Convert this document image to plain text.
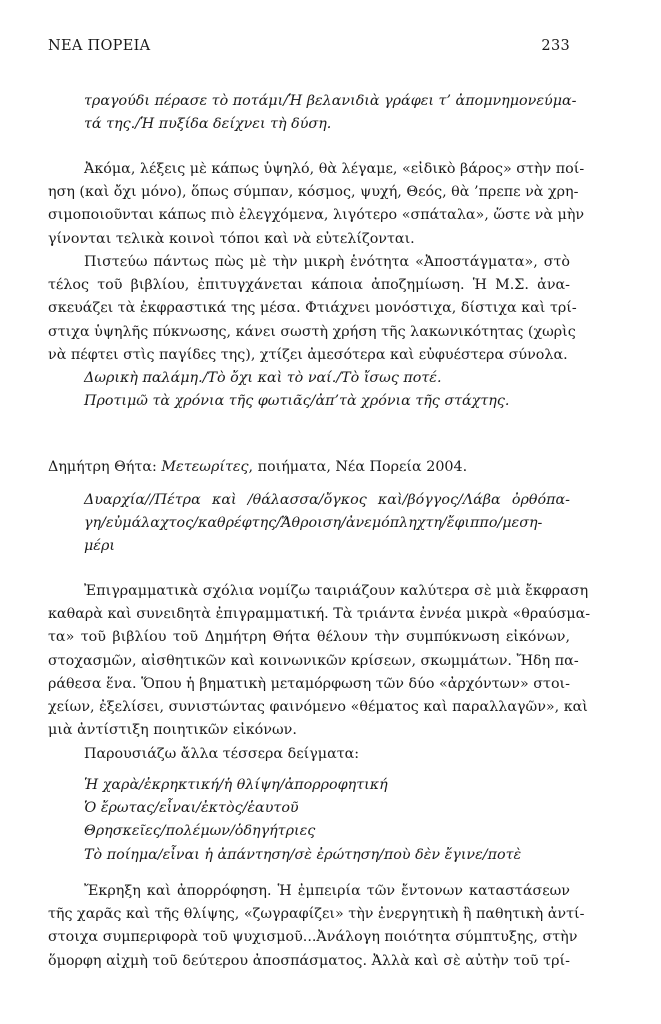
ΝΕΑ ΠΟΡΕΙΑ	233
τραγούδι πέρασε τὸ ποτάμι/Ἡ βελανιδιὰ γράφει τ’ ἀπομνημονεύμα-
τά της./Ἡ πυξίδα δείχνει τὴ δύση.
Ἀκόμα, λέξεις μὲ κάπως ὑψηλό, θὰ λέγαμε, «εἰδικὸ βάρος» στὴν ποί-
ηση (καὶ ὄχι μόνο), ὅπως σύμπαν, κόσμος, ψυχή, Θεός, θὰ ’πρεπε νὰ χρη-
σιμοποιοῦνται κάπως πιὸ ἐλεγχόμενα, λιγότερο «σπάταλα», ὥστε νὰ μὴν
γίνονται τελικὰ κοινοὶ τόποι καὶ νὰ εὐτελίζονται.
Πιστεύω πάντως πὼς μὲ τὴν μικρὴ ἑνότητα «Ἀποστάγματα», στὸ
τέλος τοῦ βιβλίου, ἐπιτυγχάνεται κάποια ἀποζημίωση. Ἡ Μ.Σ. ἀνα-
σκευάζει τὰ ἐκφραστικά της μέσα. Φτιάχνει μονόστιχα, δίστιχα καὶ τρί-
στιχα ὑψηλῆς πύκνωσης, κάνει σωστὴ χρήση τῆς λακωνικότητας (χωρὶς
νὰ πέφτει στὶς παγίδες της), χτίζει ἀμεσότερα καὶ εὐφυέστερα σύνολα.
Δωρικὴ παλάμη./Τὸ ὄχι καὶ τὸ ναί./Τὸ ἴσως ποτέ.
Προτιμῶ τὰ χρόνια τῆς φωτιᾶς/ἀπ’τὰ χρόνια τῆς στάχτης.
Δημήτρη Θήτα: Μετεωρίτες, ποιήματα, Νέα Πορεία 2004.
Δυαρχία//Πέτρα καὶ /θάλασσα/ὄγκος καὶ/βόγγος/Λάβα ὀρθόπα-
γη/εὐμάλαχτος/καθρέφτης/Ἄθροιση/ἀνεμόπληχτη/ἔφιππο/μεση-
μέρι
Ἐπιγραμματικὰ σχόλια νομίζω ταιριάζουν καλύτερα σὲ μιὰ ἔκφραση
καθαρὰ καὶ συνειδητὰ ἐπιγραμματική. Τὰ τριάντα ἐννέα μικρὰ «θραύσμα-
τα» τοῦ βιβλίου τοῦ Δημήτρη Θήτα θέλουν τὴν συμπύκνωση εἰκόνων,
στοχασμῶν, αἰσθητικῶν καὶ κοινωνικῶν κρίσεων, σκωμμάτων. Ἤδη πα-
ράθεσα ἕνα. Ὅπου ἡ βηματικὴ μεταμόρφωση τῶν δύο «ἀρχόντων» στοι-
χείων, ἐξελίσει, συνιστώντας φαινόμενο «θέματος καὶ παραλλαγῶν», καὶ
μιὰ ἀντίστιξη ποιητικῶν εἰκόνων.
Παρουσιάζω ἄλλα τέσσερα δείγματα:
Ἡ χαρὰ/ἐκρηκτική/ἡ θλίψη/ἀπορροφητική
Ὁ ἔρωτας/εἶναι/ἐκτὸς/ἑαυτοῦ
Θρησκεῖες/πολέμων/ὁδηγήτριες
Τὸ ποίημα/εἶναι ἡ ἀπάντηση/σὲ ἐρώτηση/ποὺ δὲν ἔγινε/ποτὲ
Ἔκρηξη καὶ ἀπορρόφηση. Ἡ ἐμπειρία τῶν ἔντονων καταστάσεων
τῆς χαρᾶς καὶ τῆς θλίψης, «ζωγραφίζει» τὴν ἐνεργητικὴ ἢ παθητικὴ ἀντί-
στοιχα συμπεριφορὰ τοῦ ψυχισμοῦ...Ἀνάλογη ποιότητα σύμπτυξης, στὴν
ὅμορφη αἰχμὴ τοῦ δεύτερου ἀποσπάσματος. Ἀλλὰ καὶ σὲ αὐτὴν τοῦ τρί-
